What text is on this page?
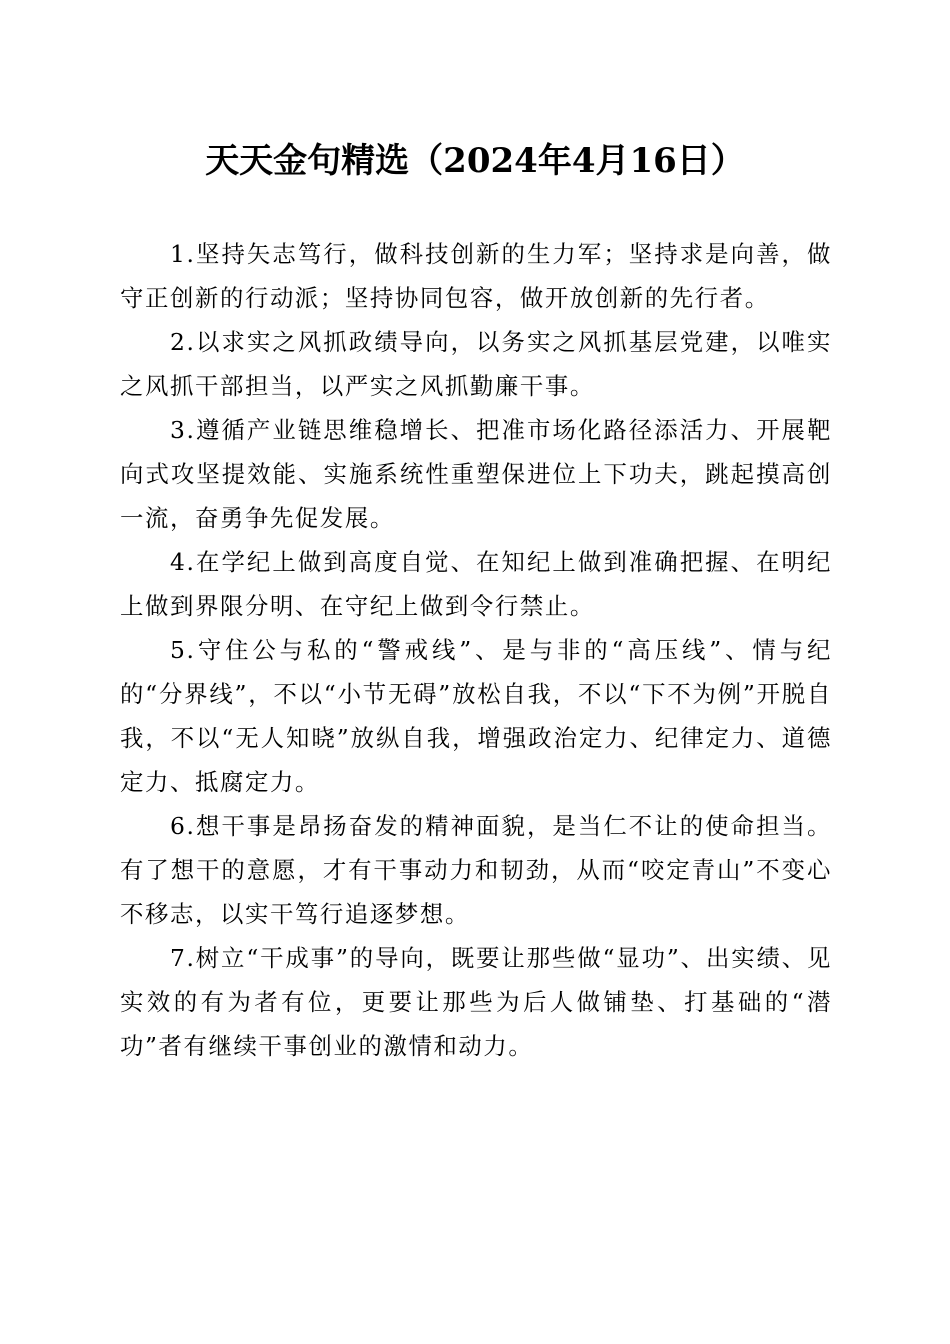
天天金句精选（2024年4月16日）

1.坚持矢志笃行，做科技创新的生力军；坚持求是向善，做守正创新的行动派；坚持协同包容，做开放创新的先行者。

2.以求实之风抓政绩导向，以务实之风抓基层党建，以唯实之风抓干部担当，以严实之风抓勤廉干事。

3.遵循产业链思维稳增长、把准市场化路径添活力、开展靶向式攻坚提效能、实施系统性重塑保进位上下功夫，跳起摸高创一流，奋勇争先促发展。

4.在学纪上做到高度自觉、在知纪上做到准确把握、在明纪上做到界限分明、在守纪上做到令行禁止。

5.守住公与私的“警戒线”、是与非的“高压线”、情与纪的“分界线”，不以“小节无碍”放松自我，不以“下不为例”开脱自我，不以“无人知晓”放纵自我，增强政治定力、纪律定力、道德定力、抵腐定力。

6.想干事是昂扬奋发的精神面貌，是当仁不让的使命担当。有了想干的意愿，才有干事动力和韧劲，从而“咬定青山”不变心不移志，以实干笃行追逐梦想。

7.树立“干成事”的导向，既要让那些做“显功”、出实绩、见实效的有为者有位，更要让那些为后人做铺垫、打基础的“潜功”者有继续干事创业的激情和动力。
